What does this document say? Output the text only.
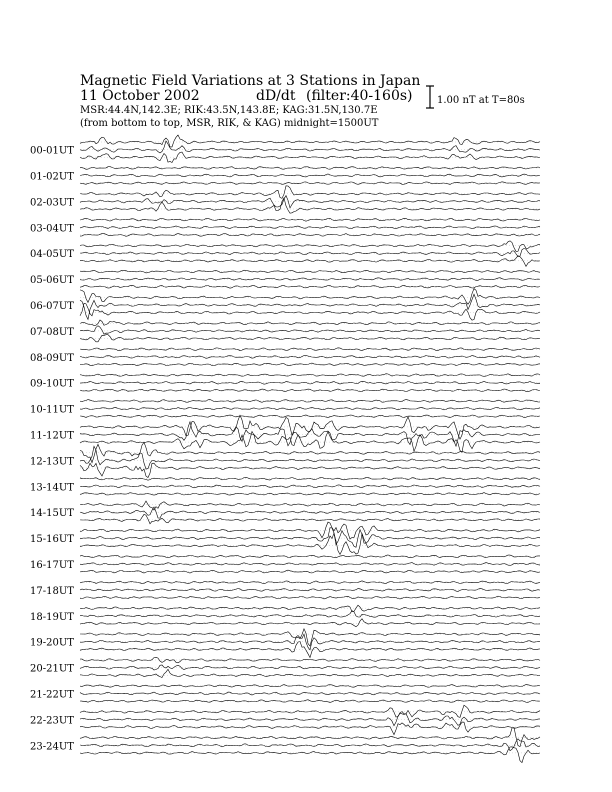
Magnetic Field Variations at 3 Stations in Japan
11 October 2002	dD/dt (filter:40-160s)
MSR:44.4N,142.3E; RIK:43.5N,143.8E; KAG:31.5N,130.7E
(from bottom to top, MSR, RIK, & KAG) midnight=1500UT
1.00 nT at T=80s
00-01UT
01-02UT
02-03UT
03-04UT
04-05UT
05-06UT
06-07UT
07-08UT
08-09UT
09-10UT
10-11UT
11-12UT
12-13UT
13-14UT
14-15UT
15-16UT
16-17UT
17-18UT
18-19UT
19-20UT
20-21UT
21-22UT
22-23UT
23-24UT
